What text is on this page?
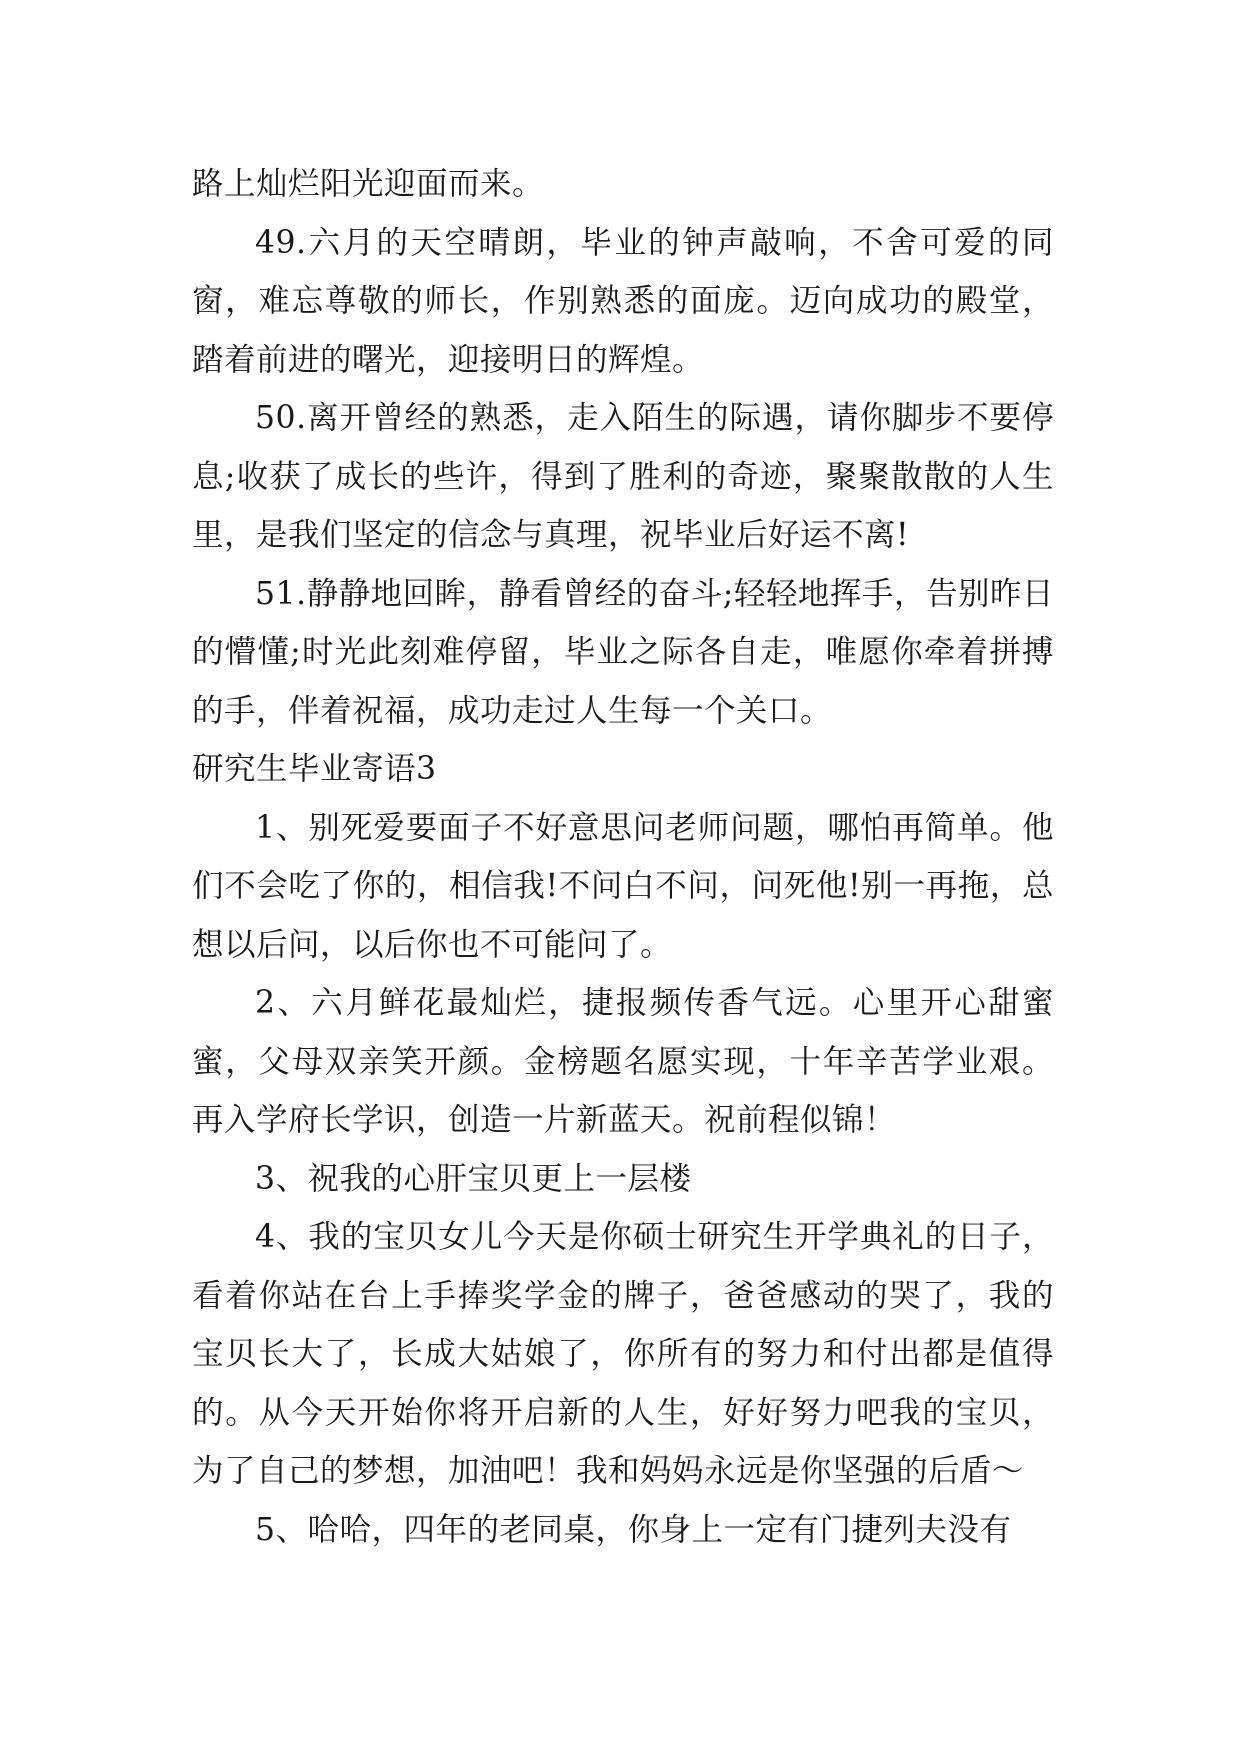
路上灿烂阳光迎面而来。

49.六月的天空晴朗，毕业的钟声敲响，不舍可爱的同窗，难忘尊敬的师长，作别熟悉的面庞。迈向成功的殿堂，踏着前进的曙光，迎接明日的辉煌。

50.离开曾经的熟悉，走入陌生的际遇，请你脚步不要停息;收获了成长的些许，得到了胜利的奇迹，聚聚散散的人生里，是我们坚定的信念与真理，祝毕业后好运不离!

51.静静地回眸，静看曾经的奋斗;轻轻地挥手，告别昨日的懵懂;时光此刻难停留，毕业之际各自走，唯愿你牵着拼搏的手，伴着祝福，成功走过人生每一个关口。

研究生毕业寄语3

1、别死爱要面子不好意思问老师问题，哪怕再简单。他们不会吃了你的，相信我!不问白不问，问死他!别一再拖，总想以后问，以后你也不可能问了。

2、六月鲜花最灿烂，捷报频传香气远。心里开心甜蜜蜜，父母双亲笑开颜。金榜题名愿实现，十年辛苦学业艰。再入学府长学识，创造一片新蓝天。祝前程似锦！

3、祝我的心肝宝贝更上一层楼

4、我的宝贝女儿今天是你硕士研究生开学典礼的日子，看着你站在台上手捧奖学金的牌子，爸爸感动的哭了，我的宝贝长大了，长成大姑娘了，你所有的努力和付出都是值得的。从今天开始你将开启新的人生，好好努力吧我的宝贝，为了自己的梦想，加油吧！我和妈妈永远是你坚强的后盾～

5、哈哈，四年的老同桌，你身上一定有门捷列夫没有
